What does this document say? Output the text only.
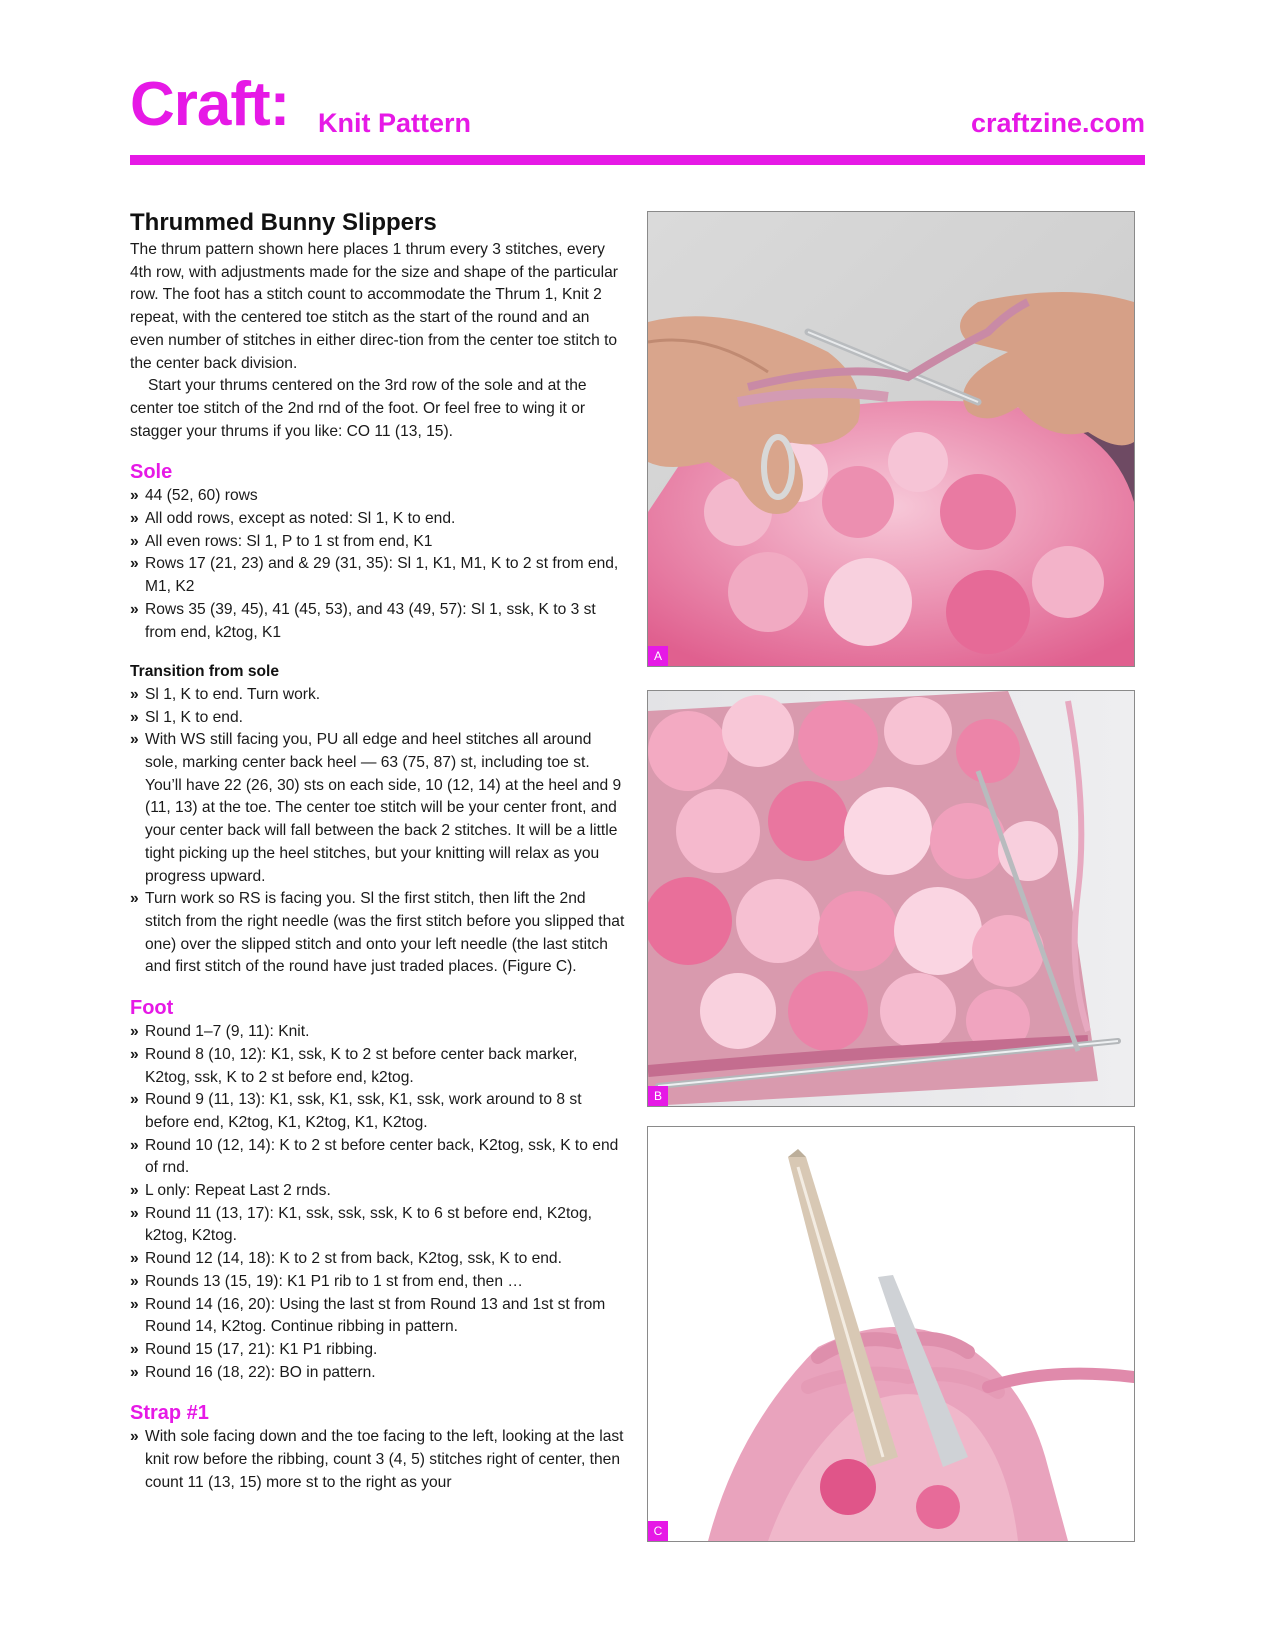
Craft: Knit Pattern	craftzine.com
Thrummed Bunny Slippers

The thrum pattern shown here places 1 thrum every 3 stitches, every 4th row, with adjustments made for the size and shape of the particular row. The foot has a stitch count to accommodate the Thrum 1, Knit 2 repeat, with the centered toe stitch as the start of the round and an even number of stitches in either direc-tion from the center toe stitch to the center back division.

Start your thrums centered on the 3rd row of the sole and at the center toe stitch of the 2nd rnd of the foot. Or feel free to wing it or stagger your thrums if you like: CO 11 (13, 15).

Sole
» 44 (52, 60) rows
» All odd rows, except as noted: Sl 1, K to end.
» All even rows: Sl 1, P to 1 st from end, K1
» Rows 17 (21, 23) and & 29 (31, 35): Sl 1, K1, M1, K to 2 st from end, M1, K2
» Rows 35 (39, 45), 41 (45, 53), and 43 (49, 57): Sl 1, ssk, K to 3 st from end, k2tog, K1
Transition from sole
» Sl 1, K to end. Turn work.
» Sl 1, K to end.
» With WS still facing you, PU all edge and heel stitches all around sole, marking center back heel — 63 (75, 87) st, including toe st. You’ll have 22 (26, 30) sts on each side, 10 (12, 14) at the heel and 9 (11, 13) at the toe. The center toe stitch will be your center front, and your center back will fall between the back 2 stitches. It will be a little tight picking up the heel stitches, but your knitting will relax as you progress upward.
» Turn work so RS is facing you. Sl the first stitch, then lift the 2nd stitch from the right needle (was the first stitch before you slipped that one) over the slipped stitch and onto your left needle (the last stitch and first stitch of the round have just traded places. (Figure C).
Foot
» Round 1–7 (9, 11): Knit.
» Round 8 (10, 12): K1, ssk, K to 2 st before center back marker, K2tog, ssk, K to 2 st before end, k2tog.
» Round 9 (11, 13): K1, ssk, K1, ssk, K1, ssk, work around to 8 st before end, K2tog, K1, K2tog, K1, K2tog.
» Round 10 (12, 14): K to 2 st before center back, K2tog, ssk, K to end of rnd.
» L only: Repeat Last 2 rnds.
» Round 11 (13, 17): K1, ssk, ssk, ssk, K to 6 st before end, K2tog, k2tog, K2tog.
» Round 12 (14, 18): K to 2 st from back, K2tog, ssk, K to end.
» Rounds 13 (15, 19): K1 P1 rib to 1 st from end, then …
» Round 14 (16, 20): Using the last st from Round 13 and 1st st from Round 14, K2tog. Continue ribbing in pattern.
» Round 15 (17, 21): K1 P1 ribbing.
» Round 16 (18, 22): BO in pattern.
Strap #1
» With sole facing down and the toe facing to the left, looking at the last knit row before the ribbing, count 3 (4, 5) stitches right of center, then count 11 (13, 15) more st to the right as your
A
B
C
